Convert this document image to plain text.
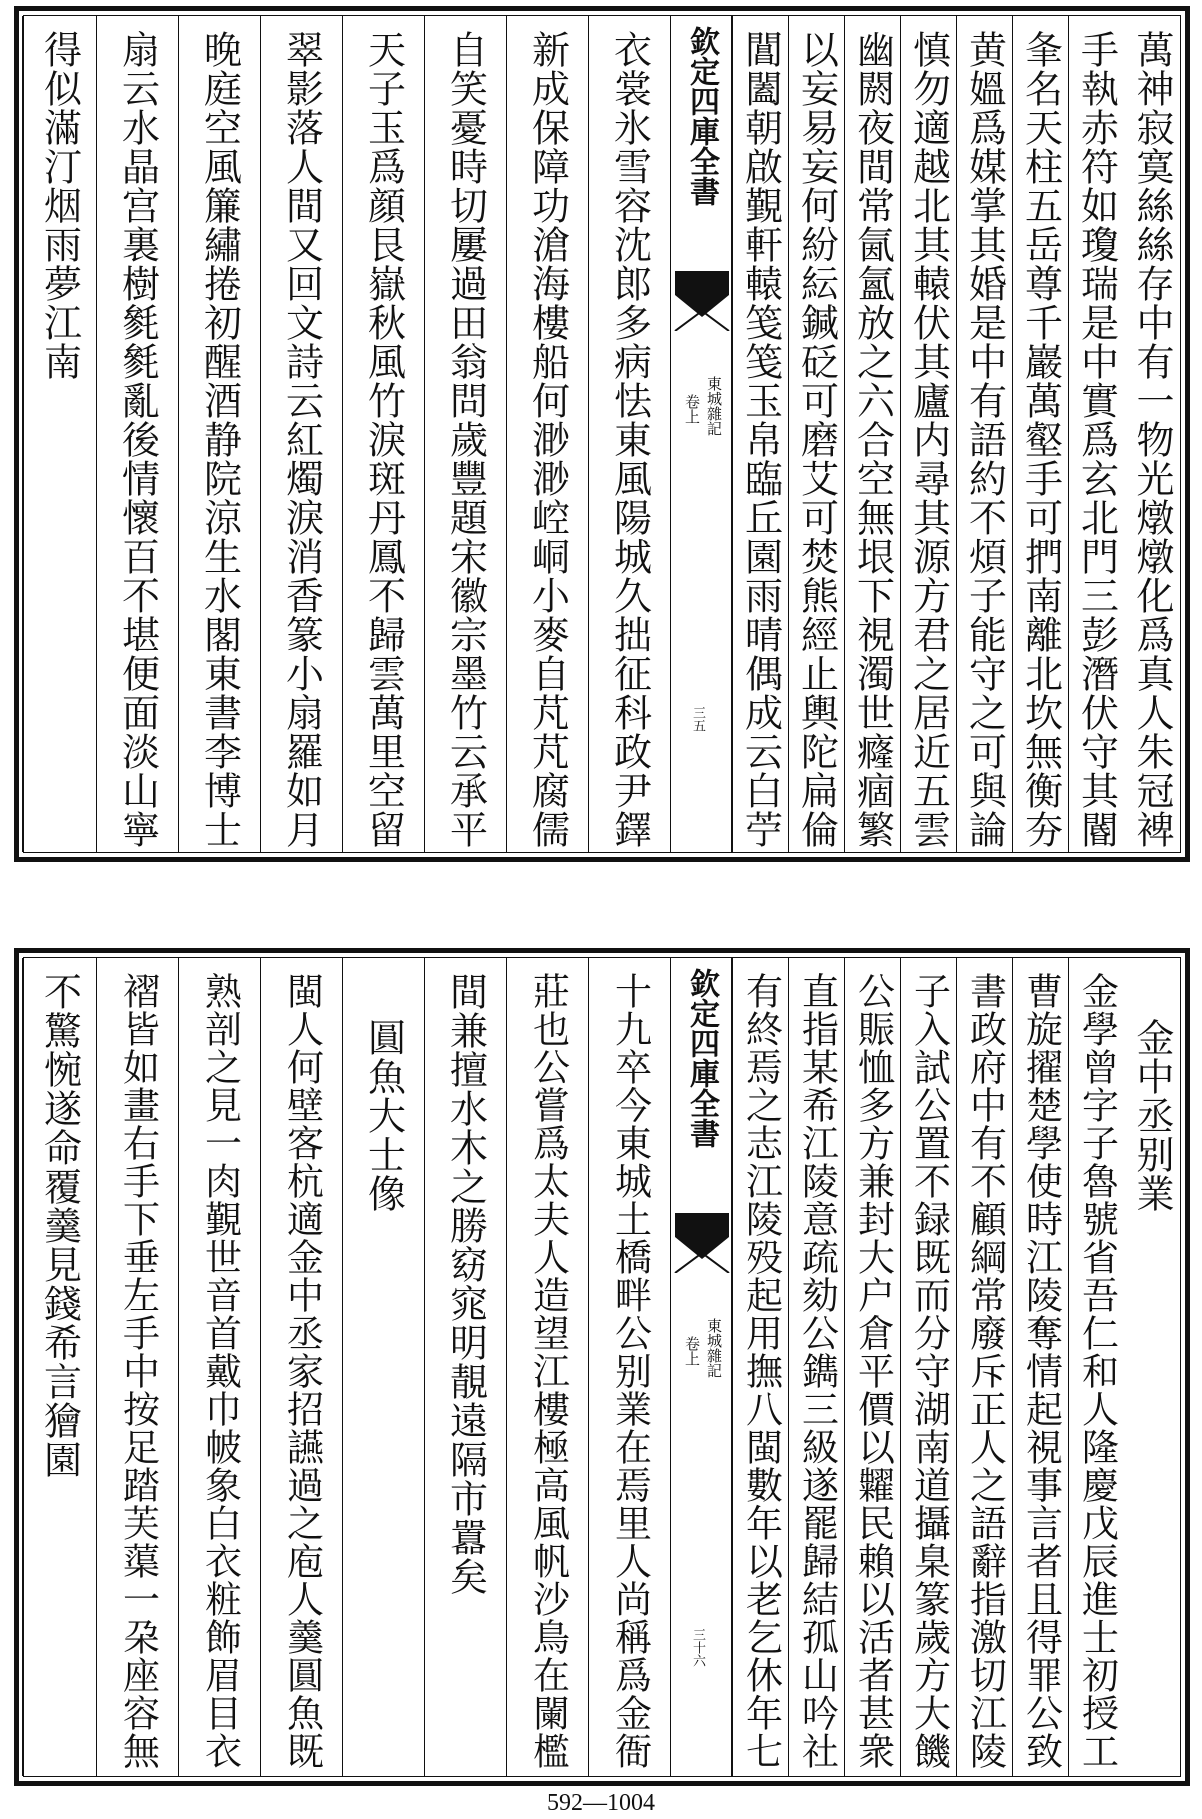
萬神寂寞絲絲存中有一物光燉燉化爲真人朱冠裨
手執赤符如瓊瑞是中實爲玄北門三彭潛伏守其閽
夆名天柱五岳尊千巖萬壑手可捫南離北坎無衡夯
黄媼爲媒掌其婚是中有語約不煩子能守之可與論
慎勿適越北其轅伏其廬内尋其源方君之居近五雲
幽閼夜間常氤氳放之六合空無垠下視濁世癃痼繁
以妄易妄何紛紜鍼砭可磨艾可焚熊經止輿陀扁倫
閶闔朝啟覲軒轅笺笺玉帛臨丘園雨晴偶成云白苧
欽定四庫全書
東城雜記
卷上
三五
衣裳氷雪容沈郎多病怯東風陽城久拙征科政尹鐸
新成保障功滄海樓船何渺渺崆峒小麥自芃芃腐儒
自笑憂時切屢過田翁問歲豐題宋徽宗墨竹云承平
天子玉爲顔艮嶽秋風竹淚斑丹鳳不歸雲萬里空留
翠影落人間又回文詩云紅燭淚消香篆小扇羅如月
晚庭空風簾繡捲初醒酒静院涼生水閣東書李博士
扇云水晶宫裏樹毿毿亂後情懷百不堪便面淡山寧
得似滿汀烟雨夢江南
金中丞别業
金學曾字子魯號省吾仁和人隆慶戊辰進士初授工
曹旋擢楚學使時江陵奪情起視事言者且得罪公致
書政府中有不顧綱常廢斥正人之語辭指激切江陵
子入試公置不録既而分守湖南道攝臬篆歲方大饑
公賑恤多方兼封大户倉平價以糶民賴以活者甚衆
直指某希江陵意疏劾公鐫三級遂罷歸結孤山吟社
有終焉之志江陵殁起用撫八閩數年以老乞休年七
欽定四庫全書
東城雜記
卷上
三十六
十九卒今東城土橋畔公别業在焉里人尚稱爲金衙
莊也公嘗爲太夫人造望江樓極高風帆沙鳥在闌檻
間兼擅水木之勝窈窕明靚遠隔市囂矣
圓魚大士像
閩人何壁客杭適金中丞家招讌過之庖人羹圓魚既
熟剖之見一肉覲世音首戴巾帔象白衣粧飾眉目衣
褶皆如畫右手下垂左手中按足踏芙蕖一朶座容無
不驚惋遂命覆羹見錢希言獪園
592—1004
